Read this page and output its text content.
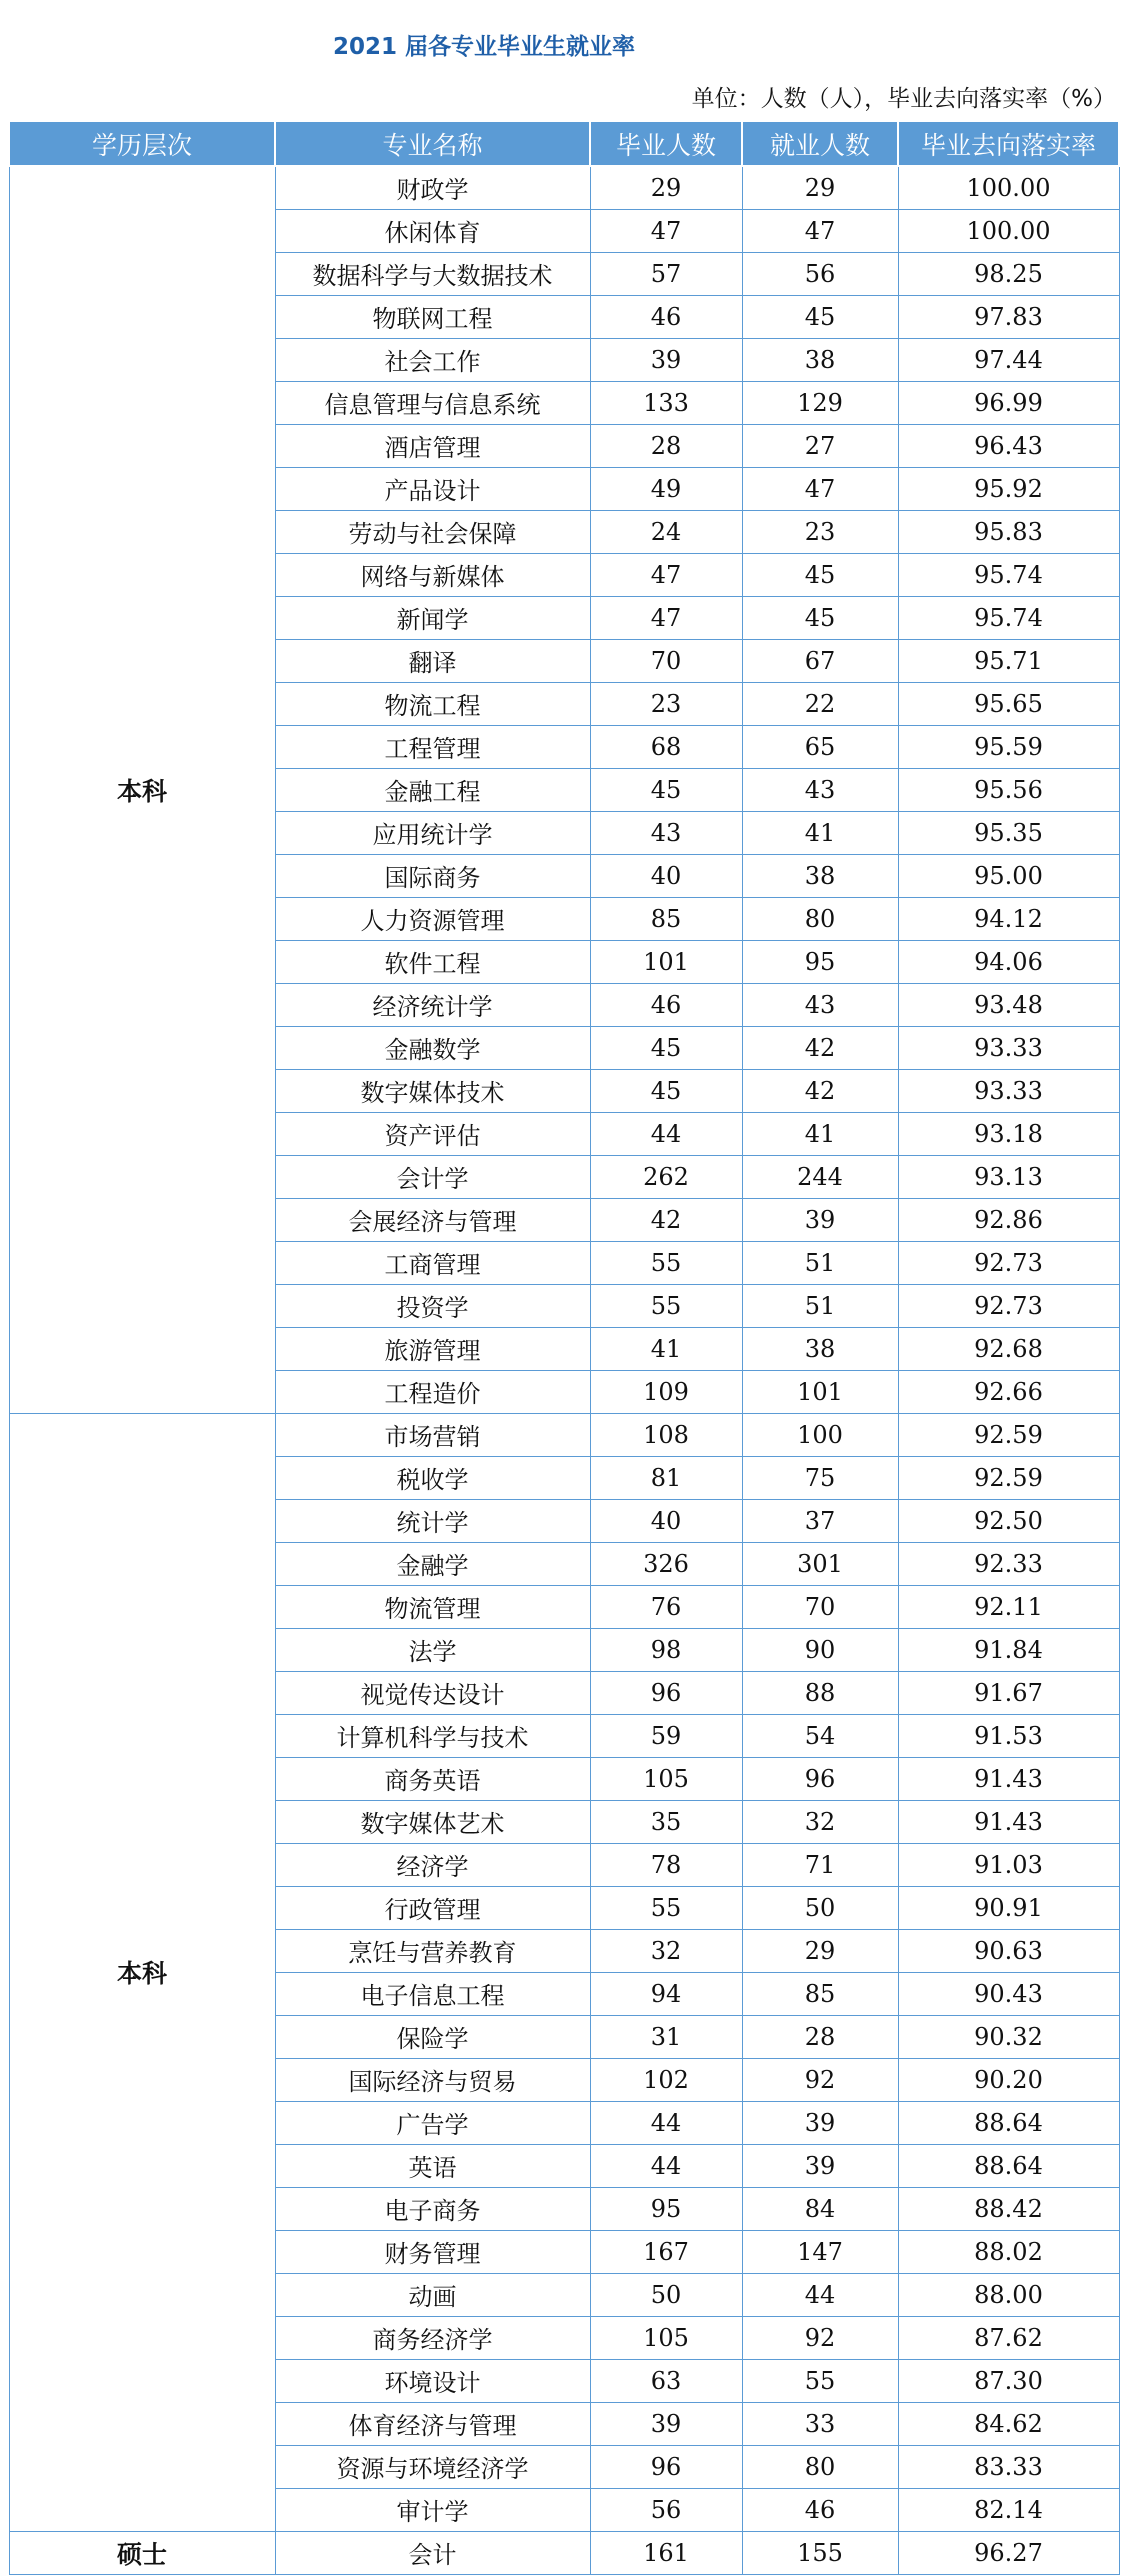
2021 届各专业毕业生就业率
单位：人数（人），毕业去向落实率（%）
学历层次	专业名称	毕业人数	就业人数	毕业去向落实率
本科	财政学	29	29	100.00
	休闲体育	47	47	100.00
	数据科学与大数据技术	57	56	98.25
	物联网工程	46	45	97.83
	社会工作	39	38	97.44
	信息管理与信息系统	133	129	96.99
	酒店管理	28	27	96.43
	产品设计	49	47	95.92
	劳动与社会保障	24	23	95.83
	网络与新媒体	47	45	95.74
	新闻学	47	45	95.74
	翻译	70	67	95.71
	物流工程	23	22	95.65
	工程管理	68	65	95.59
	金融工程	45	43	95.56
	应用统计学	43	41	95.35
	国际商务	40	38	95.00
	人力资源管理	85	80	94.12
	软件工程	101	95	94.06
	经济统计学	46	43	93.48
	金融数学	45	42	93.33
	数字媒体技术	45	42	93.33
	资产评估	44	41	93.18
	会计学	262	244	93.13
	会展经济与管理	42	39	92.86
	工商管理	55	51	92.73
	投资学	55	51	92.73
	旅游管理	41	38	92.68
	工程造价	109	101	92.66
本科	市场营销	108	100	92.59
	税收学	81	75	92.59
	统计学	40	37	92.50
	金融学	326	301	92.33
	物流管理	76	70	92.11
	法学	98	90	91.84
	视觉传达设计	96	88	91.67
	计算机科学与技术	59	54	91.53
	商务英语	105	96	91.43
	数字媒体艺术	35	32	91.43
	经济学	78	71	91.03
	行政管理	55	50	90.91
	烹饪与营养教育	32	29	90.63
	电子信息工程	94	85	90.43
	保险学	31	28	90.32
	国际经济与贸易	102	92	90.20
	广告学	44	39	88.64
	英语	44	39	88.64
	电子商务	95	84	88.42
	财务管理	167	147	88.02
	动画	50	44	88.00
	商务经济学	105	92	87.62
	环境设计	63	55	87.30
	体育经济与管理	39	33	84.62
	资源与环境经济学	96	80	83.33
	审计学	56	46	82.14
硕士	会计	161	155	96.27
